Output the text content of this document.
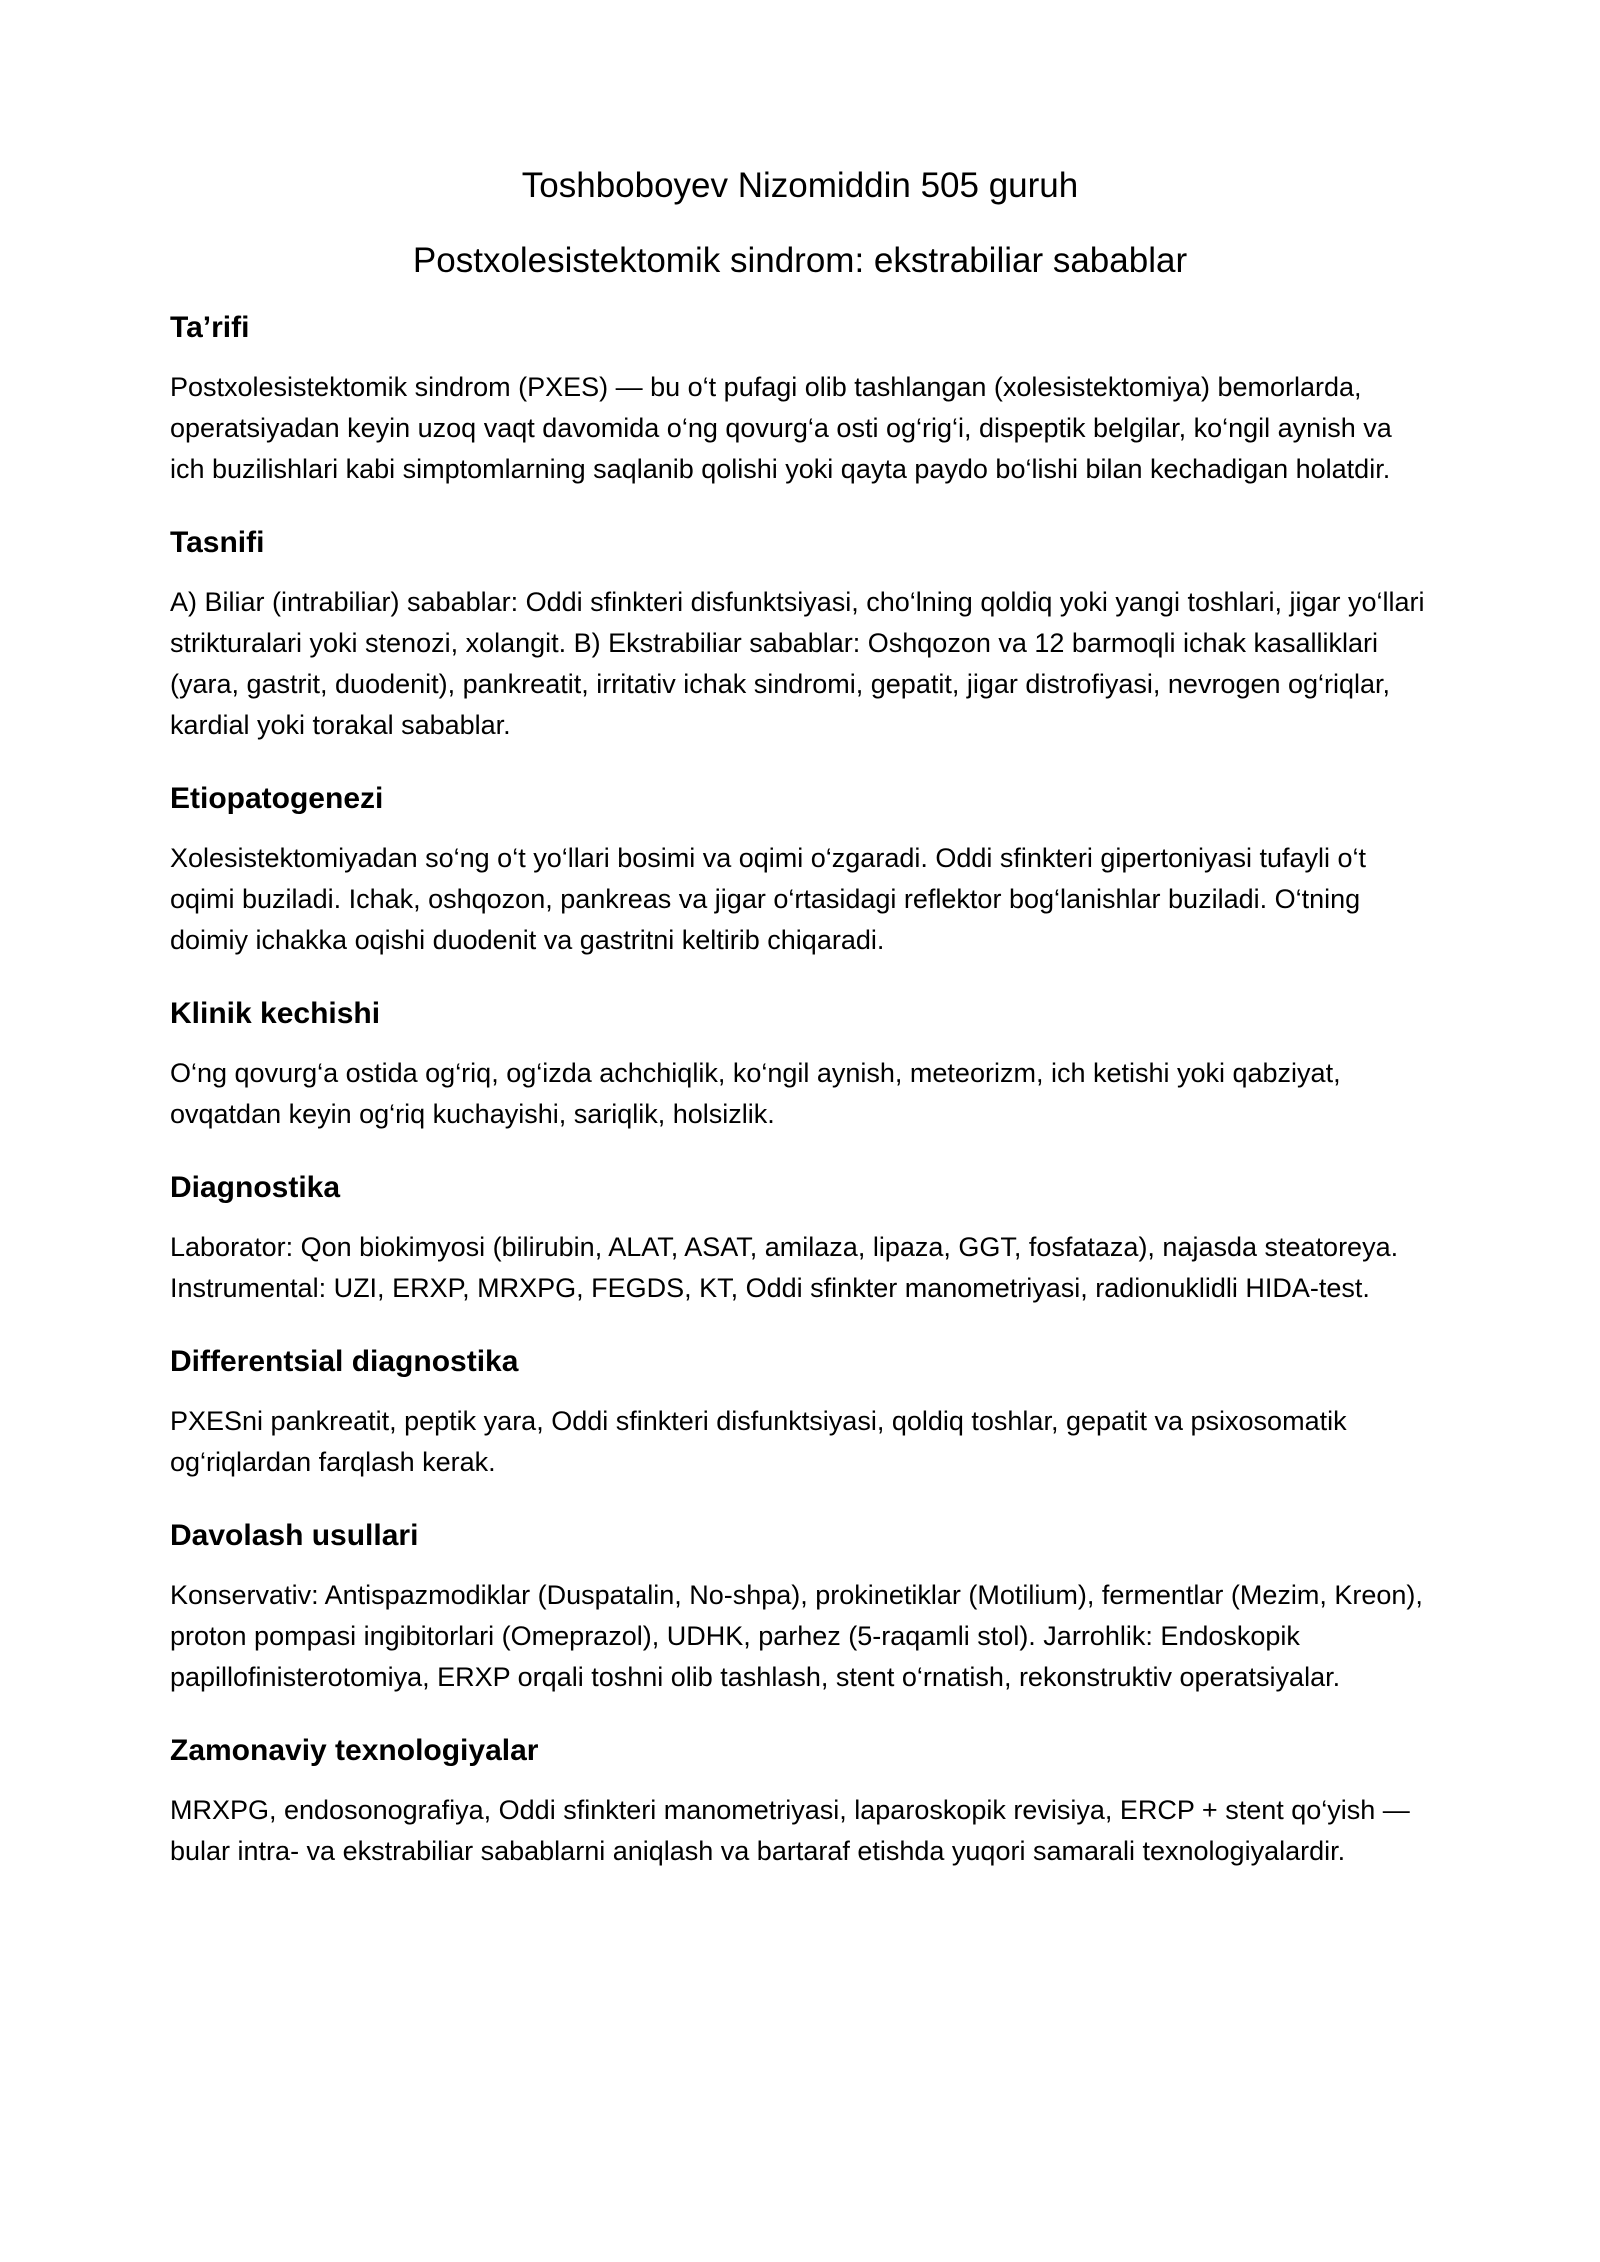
Toshboboyev Nizomiddin 505 guruh
Postxolesistektomik sindrom: ekstrabiliar sabablar
Ta’rifi

Postxolesistektomik sindrom (PXES) — bu o‘t pufagi olib tashlangan (xolesistektomiya) bemorlarda, operatsiyadan keyin uzoq vaqt davomida o‘ng qovurg‘a osti og‘rig‘i, dispeptik belgilar, ko‘ngil aynish va ich buzilishlari kabi simptomlarning saqlanib qolishi yoki qayta paydo bo‘lishi bilan kechadigan holatdir.

Tasnifi

A) Biliar (intrabiliar) sabablar: Oddi sfinkteri disfunktsiyasi, cho‘lning qoldiq yoki yangi toshlari, jigar yo‘llari strikturalari yoki stenozi, xolangit. B) Ekstrabiliar sabablar: Oshqozon va 12 barmoqli ichak kasalliklari (yara, gastrit, duodenit), pankreatit, irritativ ichak sindromi, gepatit, jigar distrofiyasi, nevrogen og‘riqlar, kardial yoki torakal sabablar.

Etiopatogenezi

Xolesistektomiyadan so‘ng o‘t yo‘llari bosimi va oqimi o‘zgaradi. Oddi sfinkteri gipertoniyasi tufayli o‘t oqimi buziladi. Ichak, oshqozon, pankreas va jigar o‘rtasidagi reflektor bog‘lanishlar buziladi. O‘tning doimiy ichakka oqishi duodenit va gastritni keltirib chiqaradi.

Klinik kechishi

O‘ng qovurg‘a ostida og‘riq, og‘izda achchiqlik, ko‘ngil aynish, meteorizm, ich ketishi yoki qabziyat, ovqatdan keyin og‘riq kuchayishi, sariqlik, holsizlik.

Diagnostika

Laborator: Qon biokimyosi (bilirubin, ALAT, ASAT, amilaza, lipaza, GGT, fosfataza), najasda steatoreya. Instrumental: UZI, ERXP, MRXPG, FEGDS, KT, Oddi sfinkter manometriyasi, radionuklidli HIDA-test.

Differentsial diagnostika

PXESni pankreatit, peptik yara, Oddi sfinkteri disfunktsiyasi, qoldiq toshlar, gepatit va psixosomatik og‘riqlardan farqlash kerak.

Davolash usullari

Konservativ: Antispazmodiklar (Duspatalin, No-shpa), prokinetiklar (Motilium), fermentlar (Mezim, Kreon), proton pompasi ingibitorlari (Omeprazol), UDHK, parhez (5-raqamli stol). Jarrohlik: Endoskopik papillofinisterotomiya, ERXP orqali toshni olib tashlash, stent o‘rnatish, rekonstruktiv operatsiyalar.

Zamonaviy texnologiyalar

MRXPG, endosonografiya, Oddi sfinkteri manometriyasi, laparoskopik revisiya, ERCP + stent qo‘yish — bular intra- va ekstrabiliar sabablarni aniqlash va bartaraf etishda yuqori samarali texnologiyalardir.
